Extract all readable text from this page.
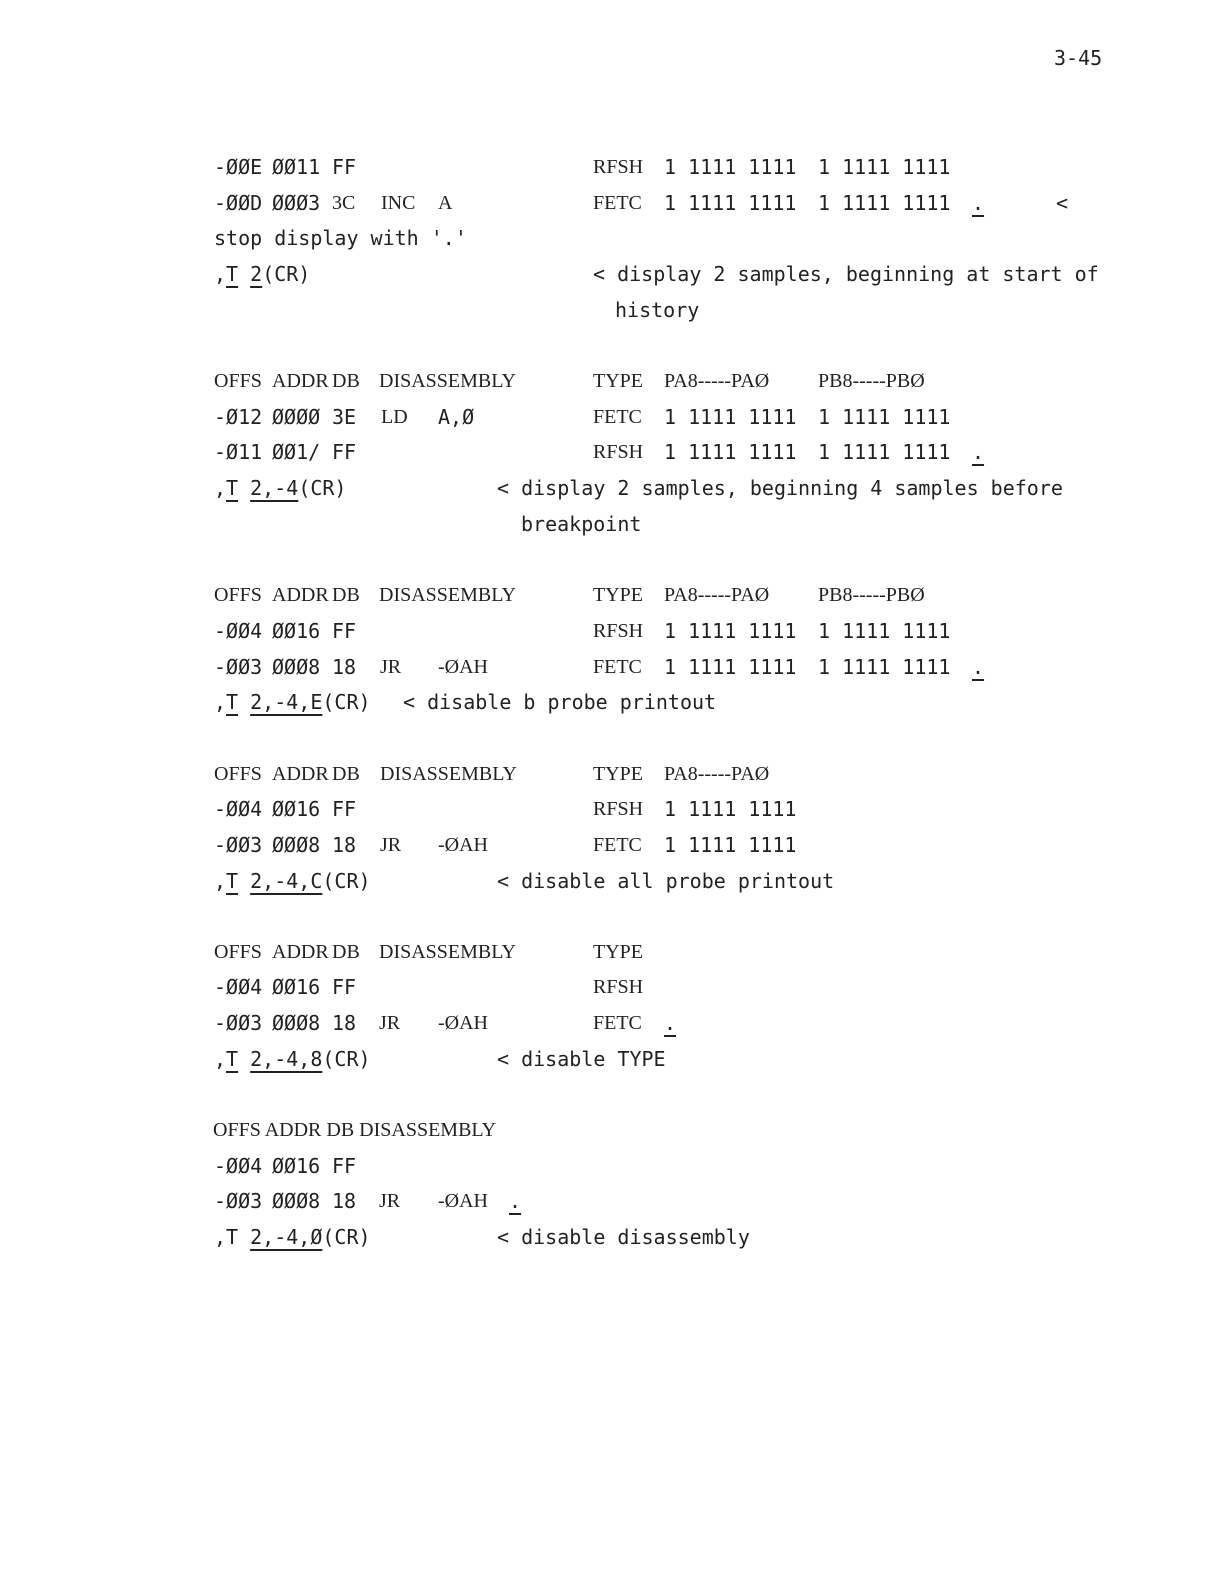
3-45
-ØØE ØØ11 FF	RFSH 1 1111 1111 1 1111 1111
-ØØD ØØØ3 3C INC A	FETC 1 1111 1111 1 1111 1111 .	<
stop display with '.'
,T 2(CR)	< display 2 samples, beginning at start of
history
OFFS ADDR DB DISASSEMBLY	TYPE PA8-----PAØ PB8-----PBØ
-Ø12 ØØØØ 3E LD A,Ø	FETC 1 1111 1111 1 1111 1111
-Ø11 ØØ1/ FF	RFSH 1 1111 1111 1 1111 1111 .
,T 2,-4(CR)	< display 2 samples, beginning 4 samples before
breakpoint
OFFS ADDR DB DISASSEMBLY	TYPE PA8-----PAØ PB8-----PBØ
-ØØ4 ØØ16 FF	RFSH 1 1111 1111 1 1111 1111
-ØØ3 ØØØ8 18 JR -ØAH	FETC 1 1111 1111 1 1111 1111 .
,T 2,-4,E(CR) < disable b probe printout
OFFS ADDR DB DISASSEMBLY	TYPE PA8-----PAØ
-ØØ4 ØØ16 FF	RFSH 1 1111 1111
-ØØ3 ØØØ8 18 JR -ØAH	FETC 1 1111 1111
,T 2,-4,C(CR)	< disable all probe printout
OFFS ADDR DB DISASSEMBLY	TYPE
-ØØ4 ØØ16 FF	RFSH
-ØØ3 ØØØ8 18 JR -ØAH	FETC .
,T 2,-4,8(CR)	< disable TYPE
OFFS ADDR DB DISASSEMBLY
-ØØ4 ØØ16 FF
-ØØ3 ØØØ8 18 JR -ØAH .
,T 2,-4,Ø(CR)	< disable disassembly
